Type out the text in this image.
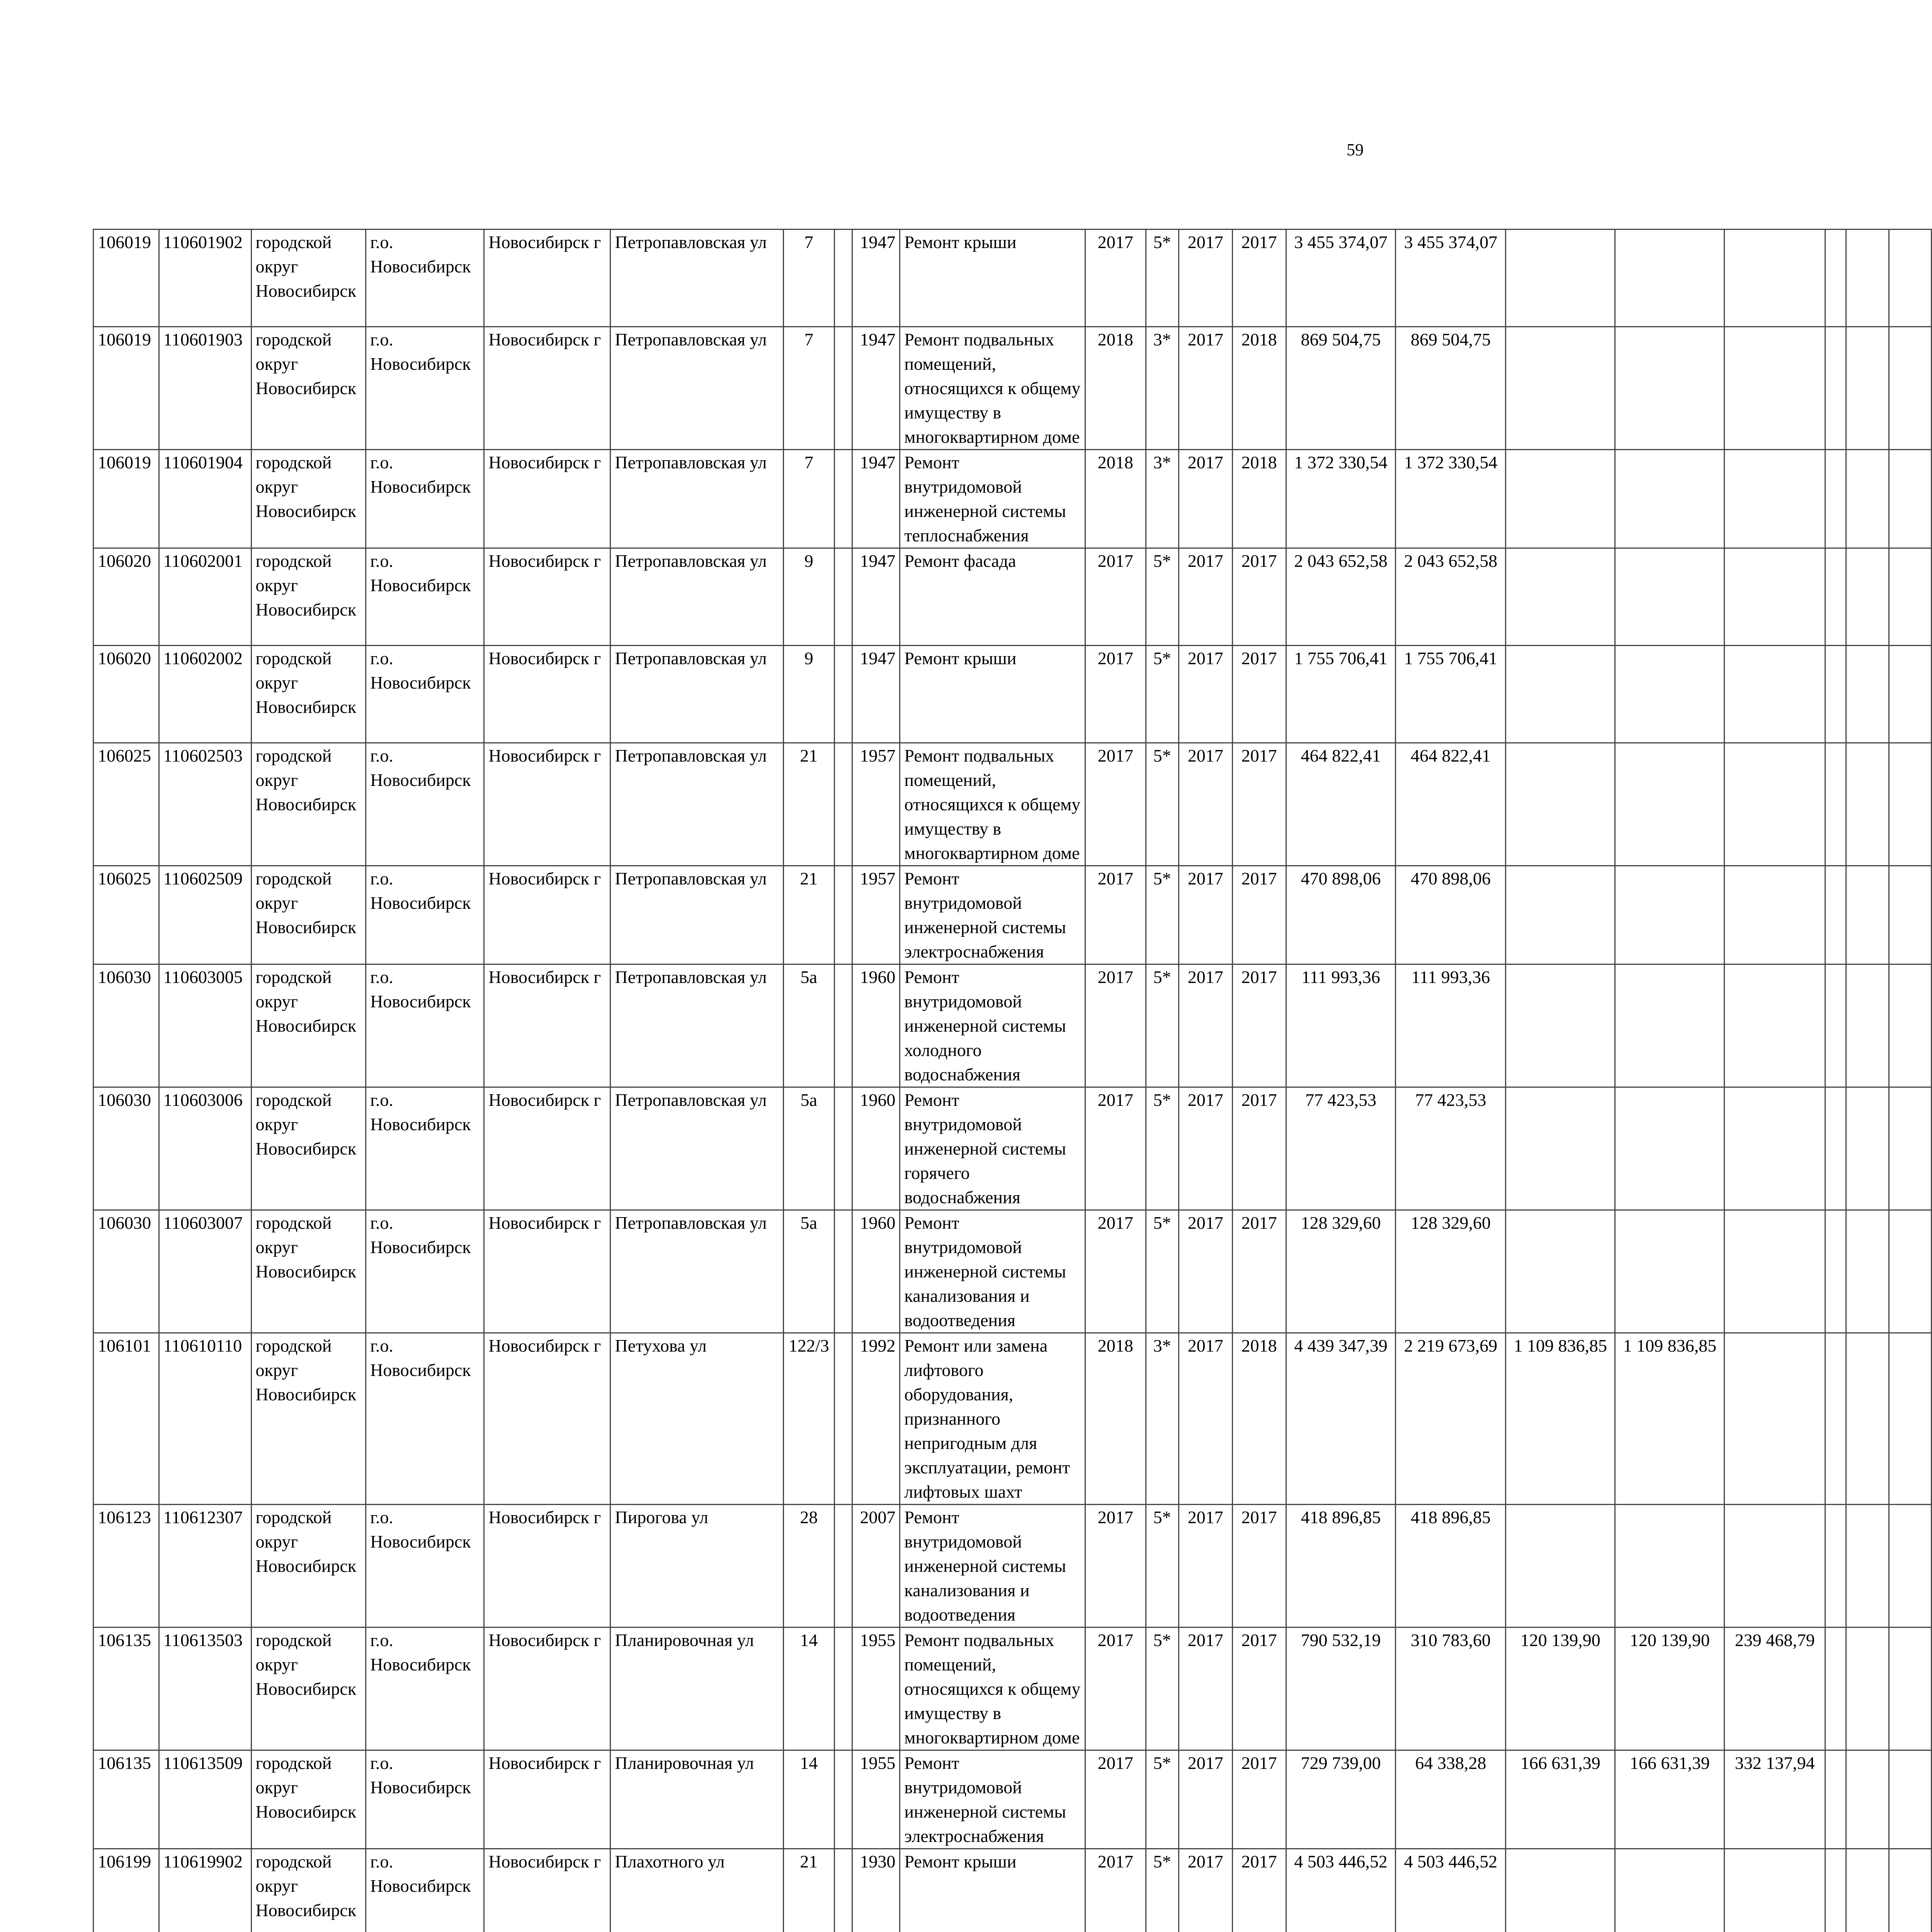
59
106019	110601902	городской округ Новосибирск	г.о. Новосибирск	Новосибирск г	Петропавловская ул	7		1947	Ремонт крыши	2017	5*	2017	2017	3 455 374,07	3 455 374,07						
106019	110601903	городской округ Новосибирск	г.о. Новосибирск	Новосибирск г	Петропавловская ул	7		1947	Ремонт подвальных помещений, относящихся к общему имуществу в многоквартирном доме	2018	3*	2017	2018	869 504,75	869 504,75						
106019	110601904	городской округ Новосибирск	г.о. Новосибирск	Новосибирск г	Петропавловская ул	7		1947	Ремонт внутридомовой инженерной системы теплоснабжения	2018	3*	2017	2018	1 372 330,54	1 372 330,54						
106020	110602001	городской округ Новосибирск	г.о. Новосибирск	Новосибирск г	Петропавловская ул	9		1947	Ремонт фасада	2017	5*	2017	2017	2 043 652,58	2 043 652,58						
106020	110602002	городской округ Новосибирск	г.о. Новосибирск	Новосибирск г	Петропавловская ул	9		1947	Ремонт крыши	2017	5*	2017	2017	1 755 706,41	1 755 706,41						
106025	110602503	городской округ Новосибирск	г.о. Новосибирск	Новосибирск г	Петропавловская ул	21		1957	Ремонт подвальных помещений, относящихся к общему имуществу в многоквартирном доме	2017	5*	2017	2017	464 822,41	464 822,41						
106025	110602509	городской округ Новосибирск	г.о. Новосибирск	Новосибирск г	Петропавловская ул	21		1957	Ремонт внутридомовой инженерной системы электроснабжения	2017	5*	2017	2017	470 898,06	470 898,06						
106030	110603005	городской округ Новосибирск	г.о. Новосибирск	Новосибирск г	Петропавловская ул	5а		1960	Ремонт внутридомовой инженерной системы холодного водоснабжения	2017	5*	2017	2017	111 993,36	111 993,36						
106030	110603006	городской округ Новосибирск	г.о. Новосибирск	Новосибирск г	Петропавловская ул	5а		1960	Ремонт внутридомовой инженерной системы горячего водоснабжения	2017	5*	2017	2017	77 423,53	77 423,53						
106030	110603007	городской округ Новосибирск	г.о. Новосибирск	Новосибирск г	Петропавловская ул	5а		1960	Ремонт внутридомовой инженерной системы канализования и водоотведения	2017	5*	2017	2017	128 329,60	128 329,60						
106101	110610110	городской округ Новосибирск	г.о. Новосибирск	Новосибирск г	Петухова ул	122/3		1992	Ремонт или замена лифтового оборудования, признанного непригодным для эксплуатации, ремонт лифтовых шахт	2018	3*	2017	2018	4 439 347,39	2 219 673,69	1 109 836,85	1 109 836,85				
106123	110612307	городской округ Новосибирск	г.о. Новосибирск	Новосибирск г	Пирогова ул	28		2007	Ремонт внутридомовой инженерной системы канализования и водоотведения	2017	5*	2017	2017	418 896,85	418 896,85						
106135	110613503	городской округ Новосибирск	г.о. Новосибирск	Новосибирск г	Планировочная ул	14		1955	Ремонт подвальных помещений, относящихся к общему имуществу в многоквартирном доме	2017	5*	2017	2017	790 532,19	310 783,60	120 139,90	120 139,90	239 468,79			
106135	110613509	городской округ Новосибирск	г.о. Новосибирск	Новосибирск г	Планировочная ул	14		1955	Ремонт внутридомовой инженерной системы электроснабжения	2017	5*	2017	2017	729 739,00	64 338,28	166 631,39	166 631,39	332 137,94			
106199	110619902	городской округ Новосибирск	г.о. Новосибирск	Новосибирск г	Плахотного ул	21		1930	Ремонт крыши	2017	5*	2017	2017	4 503 446,52	4 503 446,52						
